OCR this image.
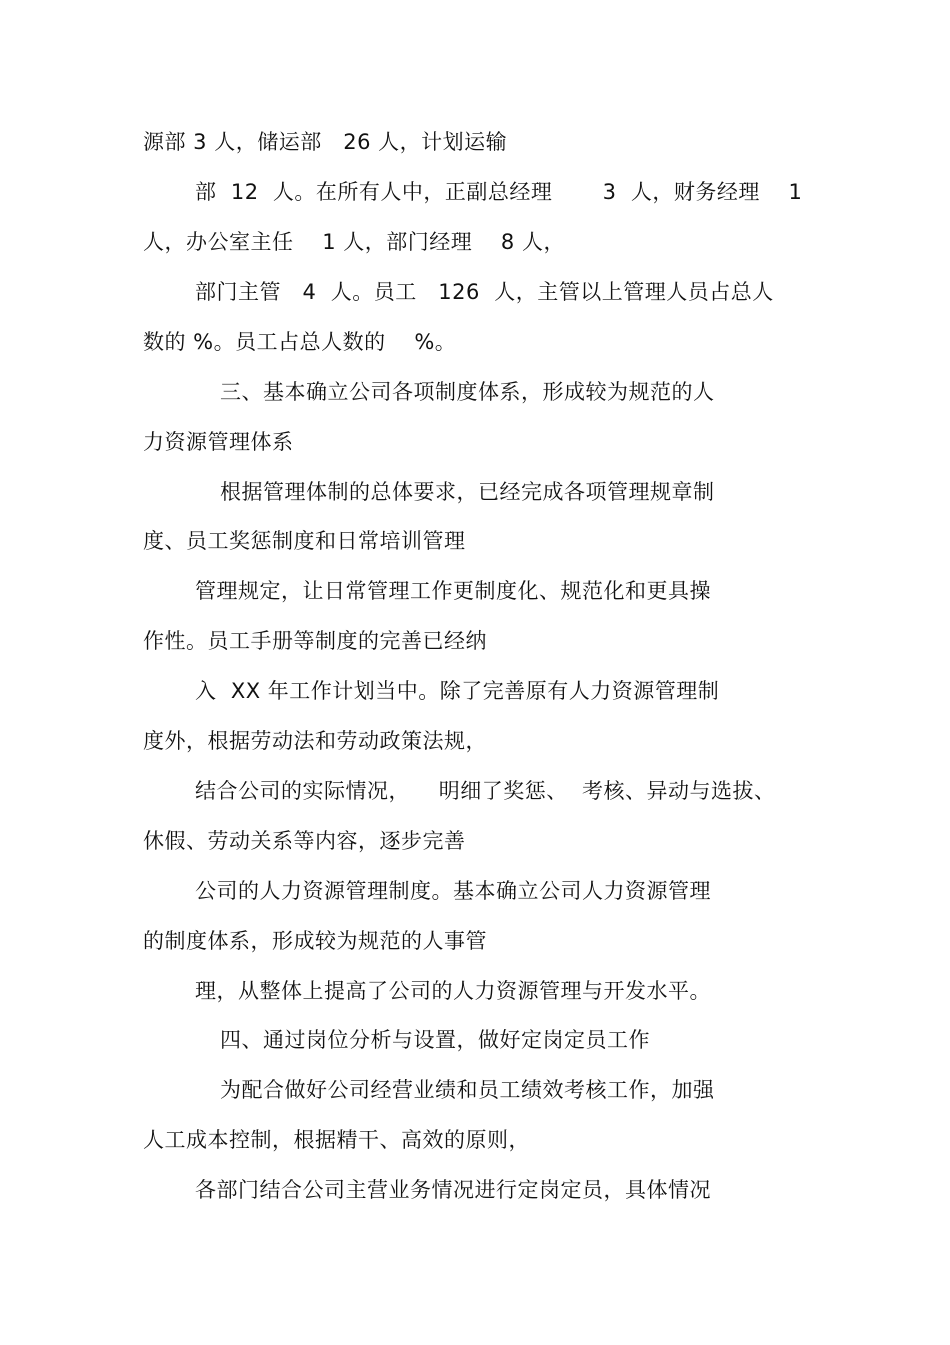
源部 3 人，储运部   26 人，计划运输
部  12  人。在所有人中，正副总经理       3  人，财务经理    1
人，办公室主任    1 人，部门经理    8 人，
部门主管   4  人。员工   126  人，主管以上管理人员占总人
数的 %。员工占总人数的    %。
三、基本确立公司各项制度体系，形成较为规范的人
力资源管理体系
根据管理体制的总体要求，已经完成各项管理规章制
度、员工奖惩制度和日常培训管理
管理规定，让日常管理工作更制度化、规范化和更具操
作性。员工手册等制度的完善已经纳
入  XX 年工作计划当中。除了完善原有人力资源管理制
度外，根据劳动法和劳动政策法规，
结合公司的实际情况，    明细了奖惩、  考核、异动与选拔、
休假、劳动关系等内容，逐步完善
公司的人力资源管理制度。基本确立公司人力资源管理
的制度体系，形成较为规范的人事管
理，从整体上提高了公司的人力资源管理与开发水平。
四、通过岗位分析与设置，做好定岗定员工作
为配合做好公司经营业绩和员工绩效考核工作，加强
人工成本控制，根据精干、高效的原则，
各部门结合公司主营业务情况进行定岗定员，具体情况
